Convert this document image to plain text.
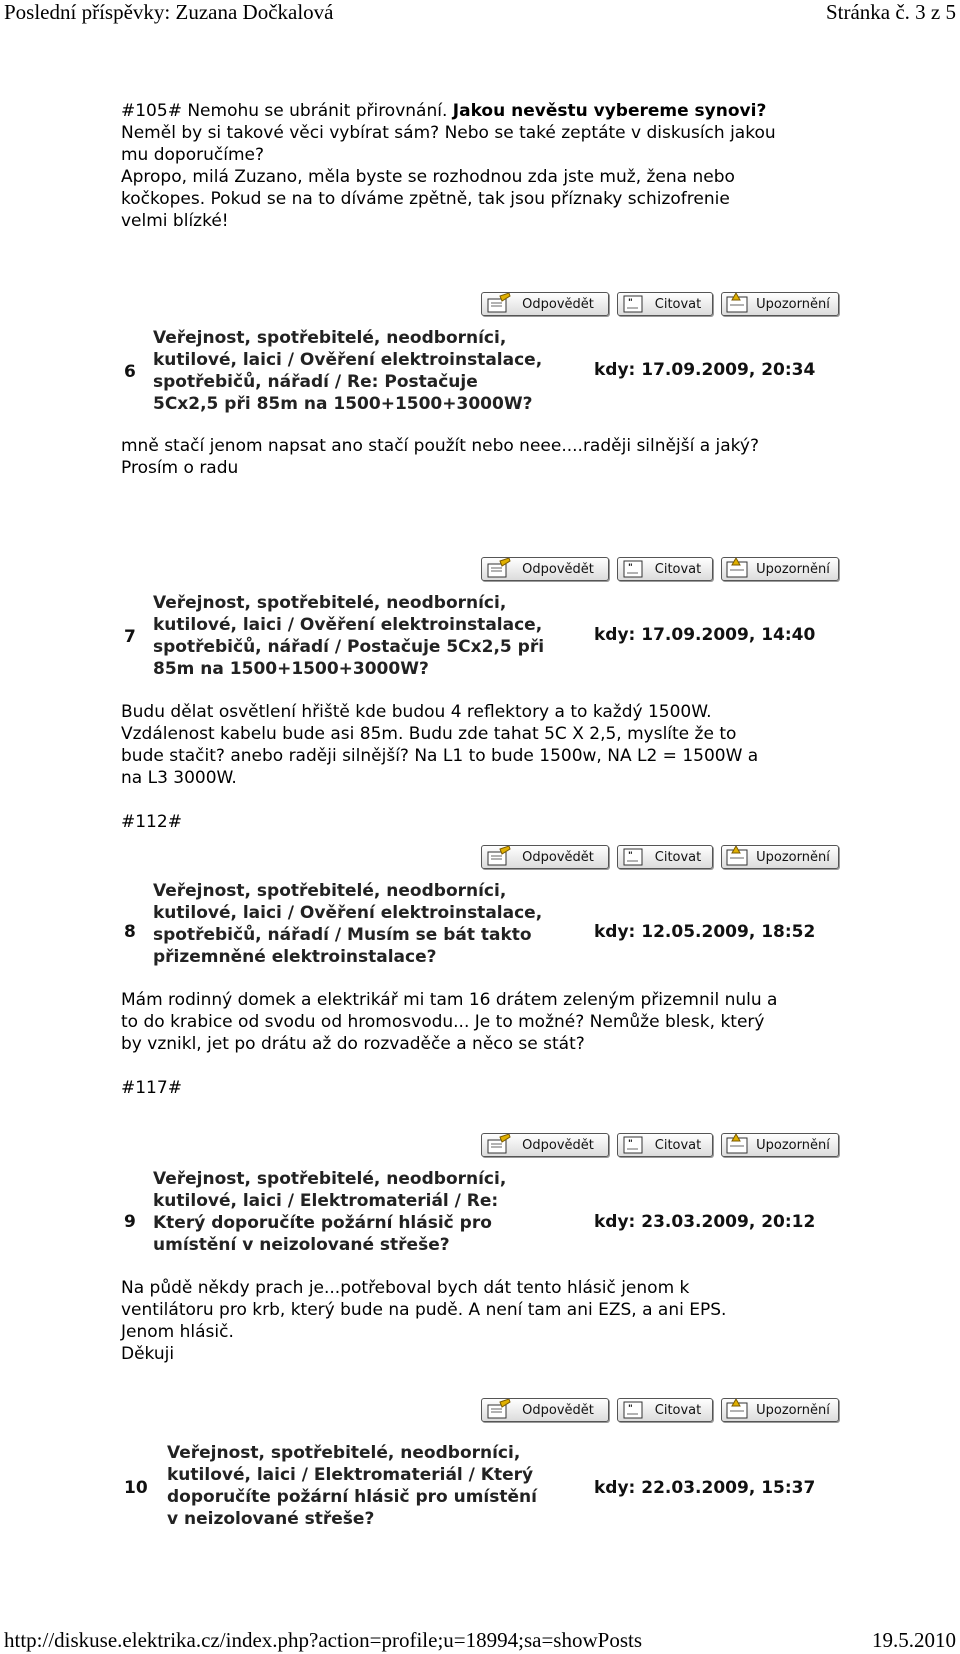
Poslední příspěvky: Zuzana Dočkalová	Stránka č. 3 z 5
#105# Nemohu se ubránit přirovnání. Jakou nevěstu vybereme synovi?
Neměl by si takové věci vybírat sám? Nebo se také zeptáte v diskusích jakou
mu doporučíme?
Apropo, milá Zuzano, měla byste se rozhodnou zda jste muž, žena nebo
kočkopes. Pokud se na to díváme zpětně, tak jsou příznaky schizofrenie
velmi blízké!
Odpovědět	"	Citovat	Upozornění
6
Veřejnost, spotřebitelé, neodborníci,
kutilové, laici / Ověření elektroinstalace,
spotřebičů, nářadí / Re: Postačuje
5Cx2,5 při 85m na 1500+1500+3000W?
kdy: 17.09.2009, 20:34
mně stačí jenom napsat ano stačí použít nebo neee....raději silnější a jaký?
Prosím o radu
Odpovědět	"	Citovat	Upozornění
7
Veřejnost, spotřebitelé, neodborníci,
kutilové, laici / Ověření elektroinstalace,
spotřebičů, nářadí / Postačuje 5Cx2,5 při
85m na 1500+1500+3000W?
kdy: 17.09.2009, 14:40
Budu dělat osvětlení hřiště kde budou 4 reflektory a to každý 1500W.
Vzdálenost kabelu bude asi 85m. Budu zde tahat 5C X 2,5, myslíte že to
bude stačit? anebo raději silnější? Na L1 to bude 1500w, NA L2 = 1500W a
na L3 3000W.

#112#
Odpovědět	"	Citovat	Upozornění
8
Veřejnost, spotřebitelé, neodborníci,
kutilové, laici / Ověření elektroinstalace,
spotřebičů, nářadí / Musím se bát takto
přizemněné elektroinstalace?
kdy: 12.05.2009, 18:52
Mám rodinný domek a elektrikář mi tam 16 drátem zeleným přizemnil nulu a
to do krabice od svodu od hromosvodu... Je to možné? Nemůže blesk, který
by vznikl, jet po drátu až do rozvaděče a něco se stát?

#117#
Odpovědět	"	Citovat	Upozornění
9
Veřejnost, spotřebitelé, neodborníci,
kutilové, laici / Elektromateriál / Re:
Který doporučíte požární hlásič pro
umístění v neizolované střeše?
kdy: 23.03.2009, 20:12
Na půdě někdy prach je...potřeboval bych dát tento hlásič jenom k
ventilátoru pro krb, který bude na pudě. A není tam ani EZS, a ani EPS.
Jenom hlásič.
Děkuji
Odpovědět	"	Citovat	Upozornění
10
Veřejnost, spotřebitelé, neodborníci,
kutilové, laici / Elektromateriál / Který
doporučíte požární hlásič pro umístění
v neizolované střeše?
kdy: 22.03.2009, 15:37
http://diskuse.elektrika.cz/index.php?action=profile;u=18994;sa=showPosts	19.5.2010
